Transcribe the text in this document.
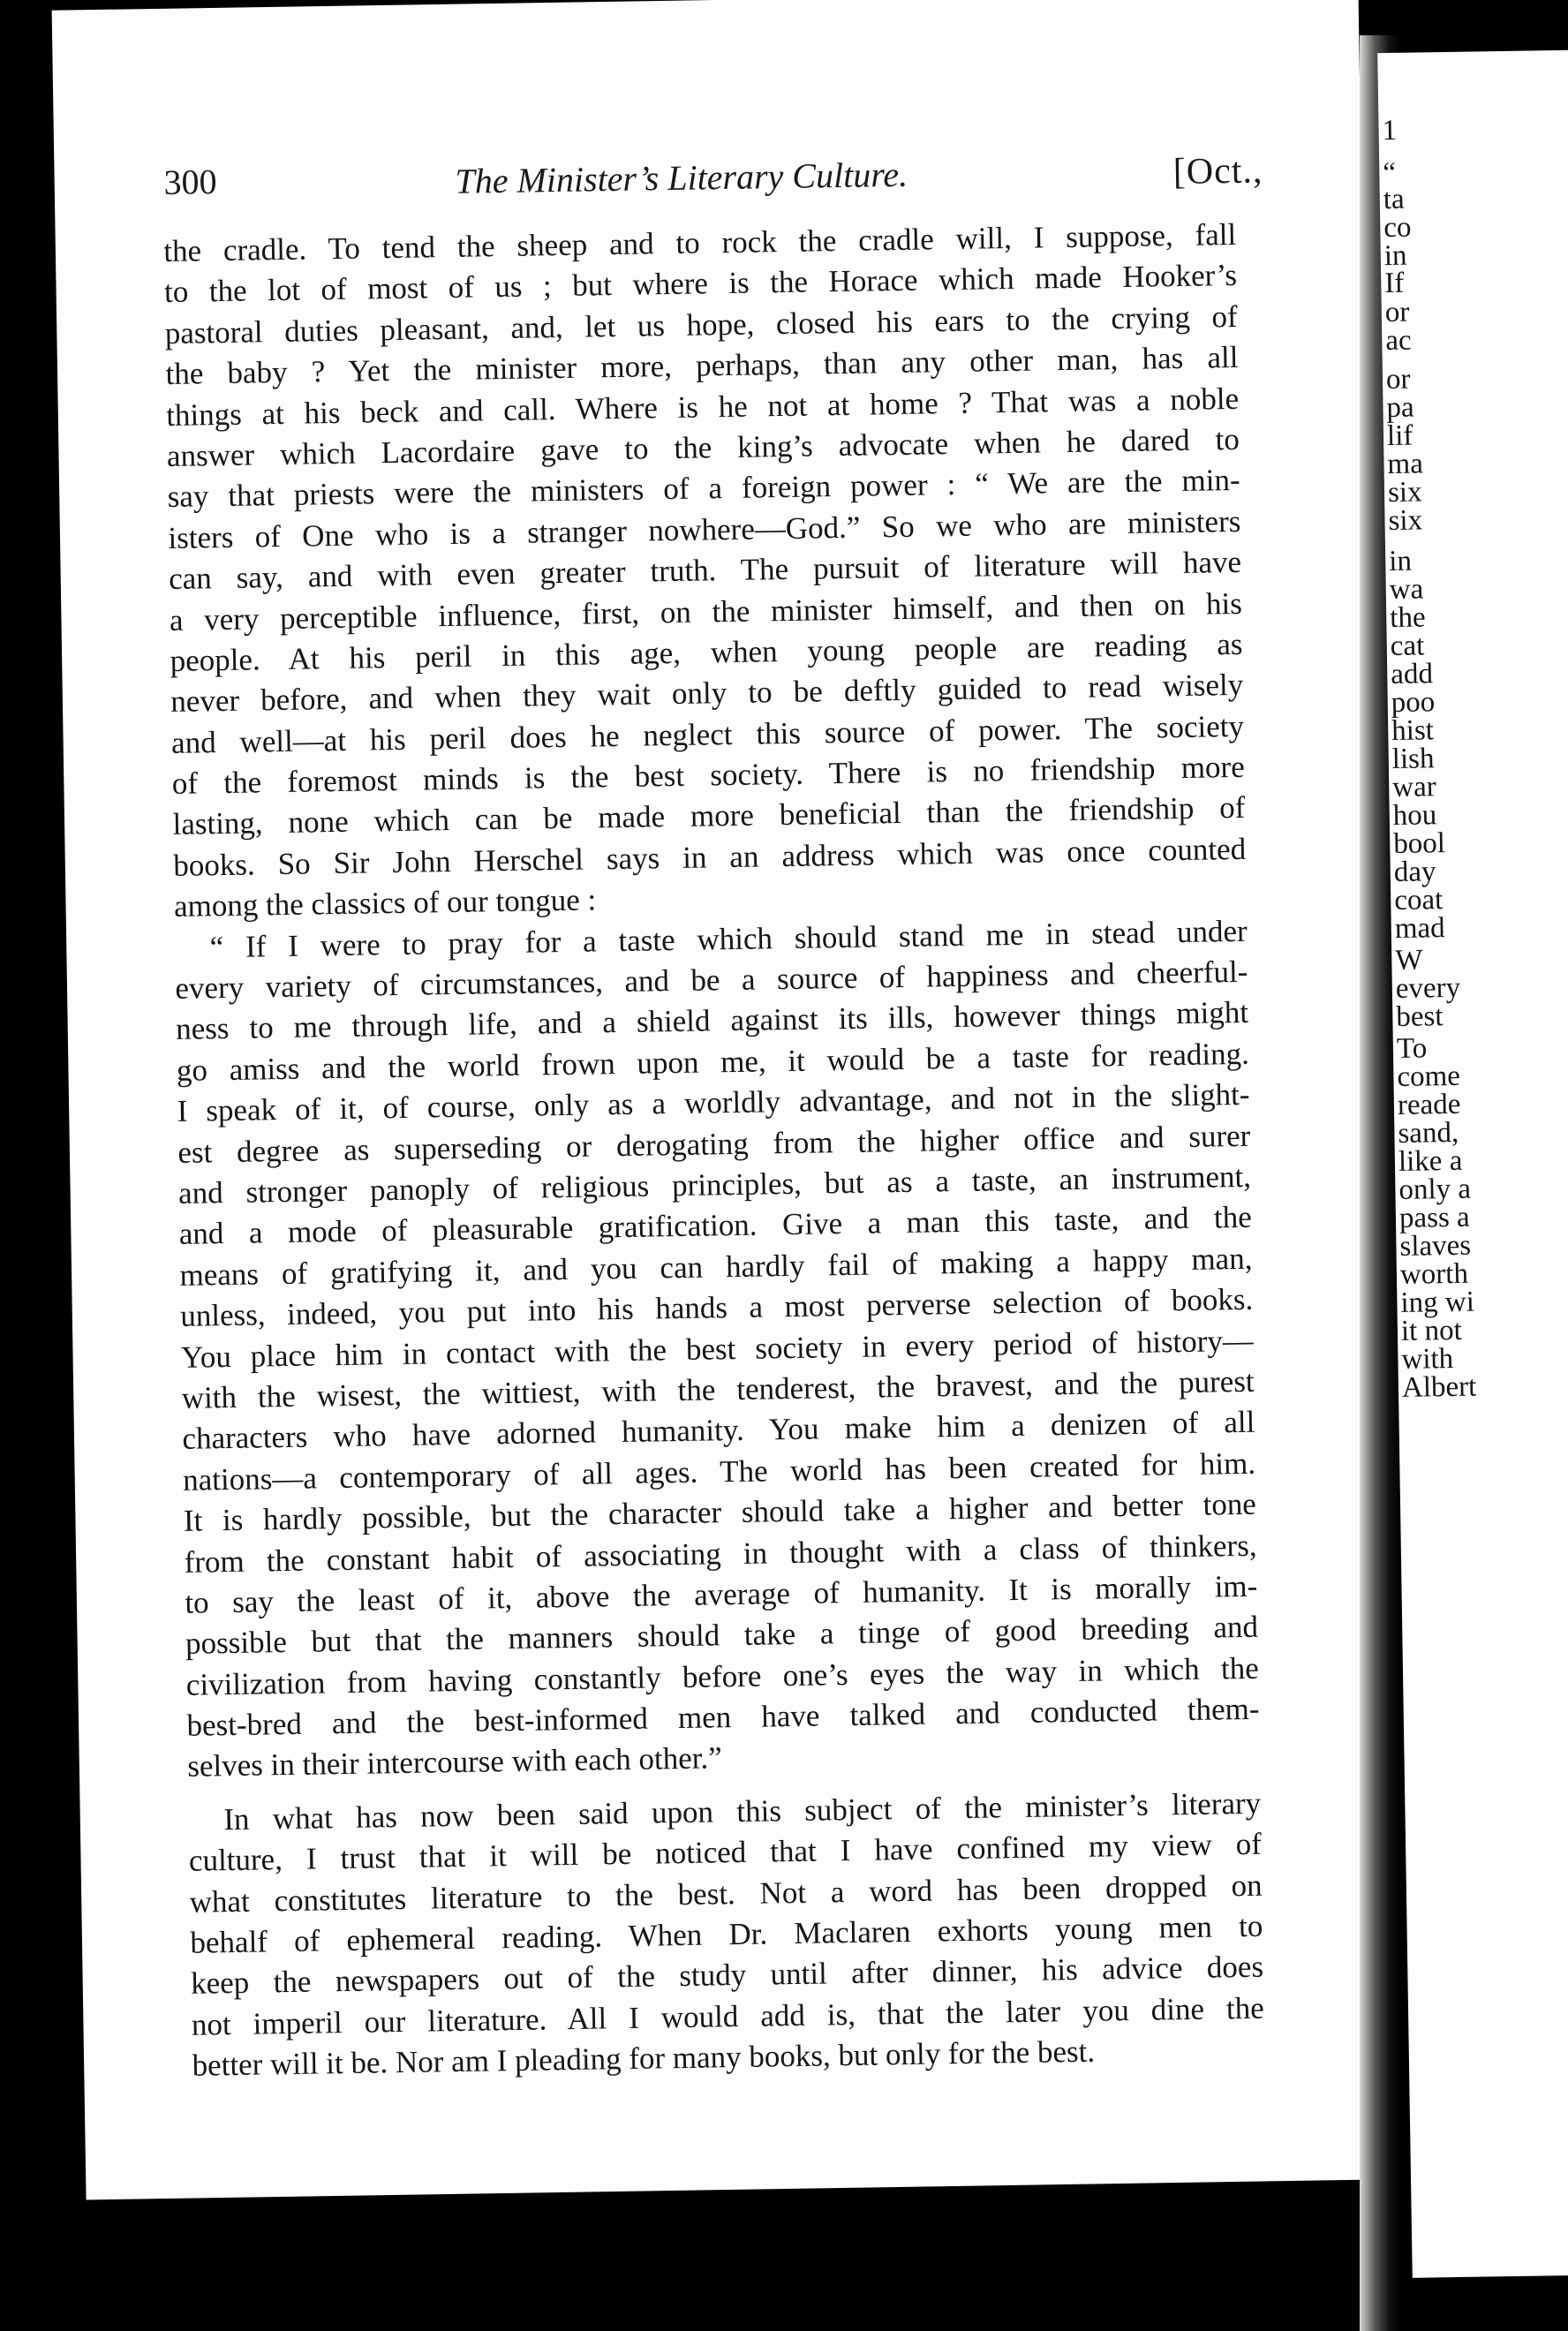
1
“
ta
co
in
If
or
ac
or
pa
lif
ma
six
six
in
wa
the
cat
add
poo
hist
lish
war
hou
bool
day
coat
mad
W
every
best
To
come
reade
sand,
like a
only a
pass a
slaves
worth
ing wi
it not
with
Albert
300	The Minister’s Literary Culture.	[Oct.,
the cradle. To tend the sheep and to rock the cradle will, I suppose, fall
to the lot of most of us ; but where is the Horace which made Hooker’s
pastoral duties pleasant, and, let us hope, closed his ears to the crying of
the baby ? Yet the minister more, perhaps, than any other man, has all
things at his beck and call. Where is he not at home ? That was a noble
answer which Lacordaire gave to the king’s advocate when he dared to
say that priests were the ministers of a foreign power : “ We are the min-
isters of One who is a stranger nowhere—God.” So we who are ministers
can say, and with even greater truth. The pursuit of literature will have
a very perceptible influence, first, on the minister himself, and then on his
people. At his peril in this age, when young people are reading as
never before, and when they wait only to be deftly guided to read wisely
and well—at his peril does he neglect this source of power. The society
of the foremost minds is the best society. There is no friendship more
lasting, none which can be made more beneficial than the friendship of
books. So Sir John Herschel says in an address which was once counted
among the classics of our tongue :
“ If I were to pray for a taste which should stand me in stead under
every variety of circumstances, and be a source of happiness and cheerful-
ness to me through life, and a shield against its ills, however things might
go amiss and the world frown upon me, it would be a taste for reading.
I speak of it, of course, only as a worldly advantage, and not in the slight-
est degree as superseding or derogating from the higher office and surer
and stronger panoply of religious principles, but as a taste, an instrument,
and a mode of pleasurable gratification. Give a man this taste, and the
means of gratifying it, and you can hardly fail of making a happy man,
unless, indeed, you put into his hands a most perverse selection of books.
You place him in contact with the best society in every period of history—
with the wisest, the wittiest, with the tenderest, the bravest, and the purest
characters who have adorned humanity. You make him a denizen of all
nations—a contemporary of all ages. The world has been created for him.
It is hardly possible, but the character should take a higher and better tone
from the constant habit of associating in thought with a class of thinkers,
to say the least of it, above the average of humanity. It is morally im-
possible but that the manners should take a tinge of good breeding and
civilization from having constantly before one’s eyes the way in which the
best-bred and the best-informed men have talked and conducted them-
selves in their intercourse with each other.”
In what has now been said upon this subject of the minister’s literary
culture, I trust that it will be noticed that I have confined my view of
what constitutes literature to the best. Not a word has been dropped on
behalf of ephemeral reading. When Dr. Maclaren exhorts young men to
keep the newspapers out of the study until after dinner, his advice does
not imperil our literature. All I would add is, that the later you dine the
better will it be. Nor am I pleading for many books, but only for the best.
